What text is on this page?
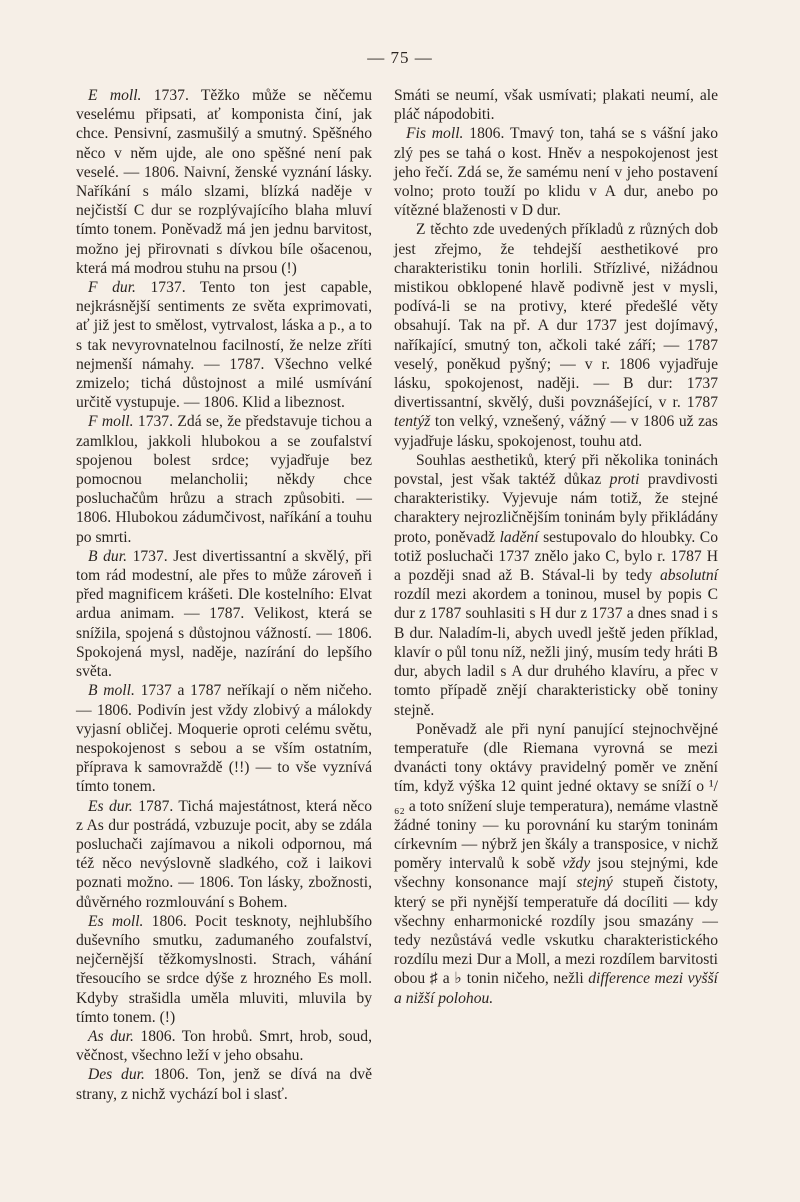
— 75 —

E moll. 1737. Těžko může se něčemu veselému připsati, ať komponista činí, jak chce. Pensivní, zasmušilý a smutný. Spěšného něco v něm ujde, ale ono spěšné není pak veselé. — 1806. Naivní, ženské vyznání lásky. Naříkání s málo slzami, blízká naděje v nejčistší C dur se rozplývajícího blaha mluví tímto tonem. Poněvadž má jen jednu barvitost, možno jej přirovnati s dívkou bíle ošacenou, která má modrou stuhu na prsou (!)

F dur. 1737. Tento ton jest capable, nejkrásnější sentiments ze světa exprimovati, ať již jest to smělost, vytrvalost, láska a p., a to s tak nevyrovnatelnou facilností, že nelze zříti nejmenší námahy. — 1787. Všechno velké zmizelo; tichá důstojnost a milé usmívání určitě vystupuje. — 1806. Klid a libeznost.

F moll. 1737. Zdá se, že představuje tichou a zamlklou, jakkoli hlubokou a se zoufalství spojenou bolest srdce; vyjadřuje bez pomocnou melancholii; někdy chce posluchačům hrůzu a strach způsobiti. — 1806. Hlubokou zádumčivost, naříkání a touhu po smrti.

B dur. 1737. Jest divertissantní a skvělý, při tom rád modestní, ale přes to může zároveň i před magnificem krášeti. Dle kostelního: Elvat ardua animam. — 1787. Velikost, která se snížila, spojená s důstojnou vážností. — 1806. Spokojená mysl, naděje, nazírání do lepšího světa.

B moll. 1737 a 1787 neříkají o něm ničeho. — 1806. Podivín jest vždy zlobivý a málokdy vyjasní obličej. Moquerie oproti celému světu, nespokojenost s sebou a se vším ostatním, příprava k samovraždě (!!) — to vše vyznívá tímto tonem.

Es dur. 1787. Tichá majestátnost, která něco z As dur postrádá, vzbuzuje pocit, aby se zdála posluchači zajímavou a nikoli odpornou, má též něco nevýslovně sladkého, což i laikovi poznati možno. — 1806. Ton lásky, zbožnosti, důvěrného rozmlouvání s Bohem.

Es moll. 1806. Pocit tesknoty, nejhlubšího duševního smutku, zadumaného zoufalství, nejčernější těžkomyslnosti. Strach, váhání třesoucího se srdce dýše z hrozného Es moll. Kdyby strašidla uměla mluviti, mluvila by tímto tonem. (!)

As dur. 1806. Ton hrobů. Smrt, hrob, soud, věčnost, všechno leží v jeho obsahu.

Des dur. 1806. Ton, jenž se dívá na dvě strany, z nichž vychází bol i slasť.

Smáti se neumí, však usmívati; plakati neumí, ale pláč nápodobiti.

Fis moll. 1806. Tmavý ton, tahá se s vášní jako zlý pes se tahá o kost. Hněv a nespokojenost jest jeho řečí. Zdá se, že samému není v jeho postavení volno; proto touží po klidu v A dur, anebo po vítězné blaženosti v D dur.

Z těchto zde uvedených příkladů z různých dob jest zřejmo, že tehdejší aesthetikové pro charakteristiku tonin horlili. Střízlivé, nižádnou mistikou obklopené hlavě podivně jest v mysli, podívá-li se na protivy, které předešlé věty obsahují. Tak na př. A dur 1737 jest dojímavý, naříkající, smutný ton, ačkoli také září; — 1787 veselý, poněkud pyšný; — v r. 1806 vyjadřuje lásku, spokojenost, naději. — B dur: 1737 divertissantní, skvělý, duši povznášející, v r. 1787 tentýž ton velký, vznešený, vážný — v 1806 už zas vyjadřuje lásku, spokojenost, touhu atd.

Souhlas aesthetiků, který při několika toninách povstal, jest však taktéž důkaz proti pravdivosti charakteristiky. Vyjevuje nám totiž, že stejné charaktery nejrozličnějším toninám byly přikládány proto, poněvadž ladění sestupovalo do hloubky. Co totiž posluchači 1737 znělo jako C, bylo r. 1787 H a později snad až B. Stával-li by tedy absolutní rozdíl mezi akordem a toninou, musel by popis C dur z 1787 souhlasiti s H dur z 1737 a dnes snad i s B dur. Naladím-li, abych uvedl ještě jeden příklad, klavír o půl tonu níž, nežli jiný, musím tedy hráti B dur, abych ladil s A dur druhého klavíru, a přec v tomto případě znějí charakteristicky obě toniny stejně.

Poněvadž ale při nyní panující stejnochvějné temperatuře (dle Riemana vyrovná se mezi dvanácti tony oktávy pravidelný poměr ve znění tím, když výška 12 quint jedné oktavy se sníží o ¹/₆₂ a toto snížení sluje temperatura), nemáme vlastně žádné toniny — ku porovnání ku starým toninám církevním — nýbrž jen škály a transposice, v nichž poměry intervalů k sobě vždy jsou stejnými, kde všechny konsonance mají stejný stupeň čistoty, který se při nynější temperatuře dá docíliti — kdy všechny enharmonické rozdíly jsou smazány — tedy nezůstává vedle vskutku charakteristického rozdílu mezi Dur a Moll, a mezi rozdílem barvitosti obou ♯ a ♭ tonin ničeho, nežli difference mezi vyšší a nižší polohou.
